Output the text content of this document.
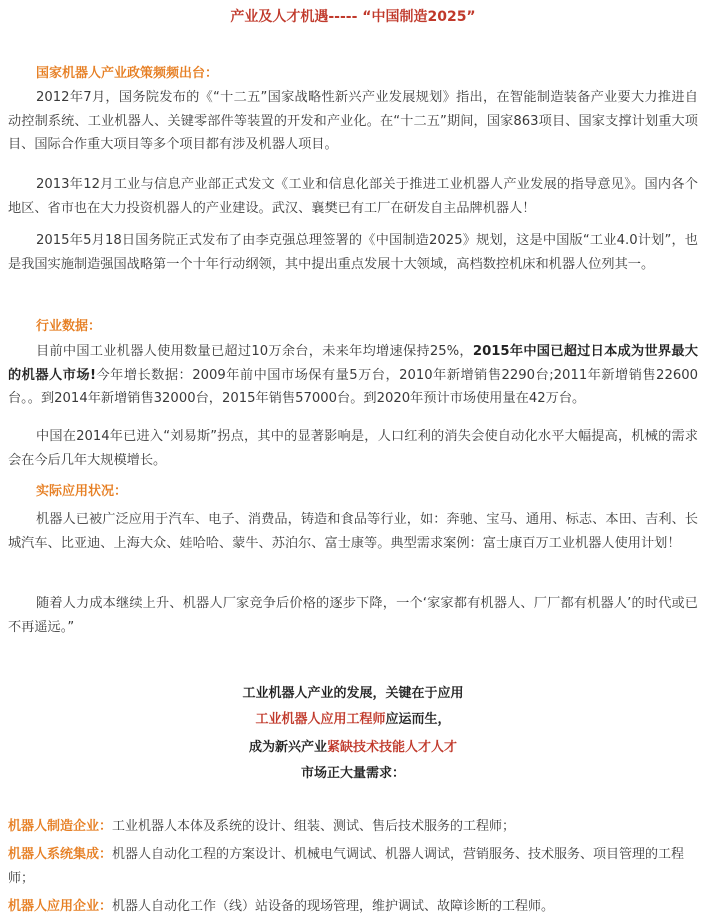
产业及人才机遇----- “中国制造2025”
国家机器人产业政策频频出台：
2012年7月，国务院发布的《“十二五”国家战略性新兴产业发展规划》指出，在智能制造装备产业要大力推进自动控制系统、工业机器人、关键零部件等装置的开发和产业化。在“十二五”期间，国家863项目、国家支撑计划重大项目、国际合作重大项目等多个项目都有涉及机器人项目。
2013年12月工业与信息产业部正式发文《工业和信息化部关于推进工业机器人产业发展的指导意见》。国内各个地区、省市也在大力投资机器人的产业建设。武汉、襄樊已有工厂在研发自主品牌机器人！
2015年5月18日国务院正式发布了由李克强总理签署的《中国制造2025》规划，这是中国版“工业4.0计划”，也是我国实施制造强国战略第一个十年行动纲领，其中提出重点发展十大领域，高档数控机床和机器人位列其一。
行业数据：
目前中国工业机器人使用数量已超过10万余台，未来年均增速保持25%，2015年中国已超过日本成为世界最大的机器人市场!今年增长数据：2009年前中国市场保有量5万台，2010年新增销售2290台;2011年新增销售22600台。。到2014年新增销售32000台，2015年销售57000台。到2020年预计市场使用量在42万台。
中国在2014年已进入“刘易斯”拐点，其中的显著影响是，人口红利的消失会使自动化水平大幅提高，机械的需求会在今后几年大规模增长。
实际应用状况：
机器人已被广泛应用于汽车、电子、消费品，铸造和食品等行业，如：奔驰、宝马、通用、标志、本田、吉利、长城汽车、比亚迪、上海大众、娃哈哈、蒙牛、苏泊尔、富士康等。典型需求案例：富士康百万工业机器人使用计划！
随着人力成本继续上升、机器人厂家竞争后价格的逐步下降，一个‘家家都有机器人、厂厂都有机器人’的时代或已不再遥远。”
工业机器人产业的发展，关键在于应用
工业机器人应用工程师应运而生，
成为新兴产业紧缺技术技能人才人才
市场正大量需求：
机器人制造企业：工业机器人本体及系统的设计、组装、测试、售后技术服务的工程师；
机器人系统集成：机器人自动化工程的方案设计、机械电气调试、机器人调试，营销服务、技术服务、项目管理的工程师；
机器人应用企业：机器人自动化工作（线）站设备的现场管理，维护调试、故障诊断的工程师。
